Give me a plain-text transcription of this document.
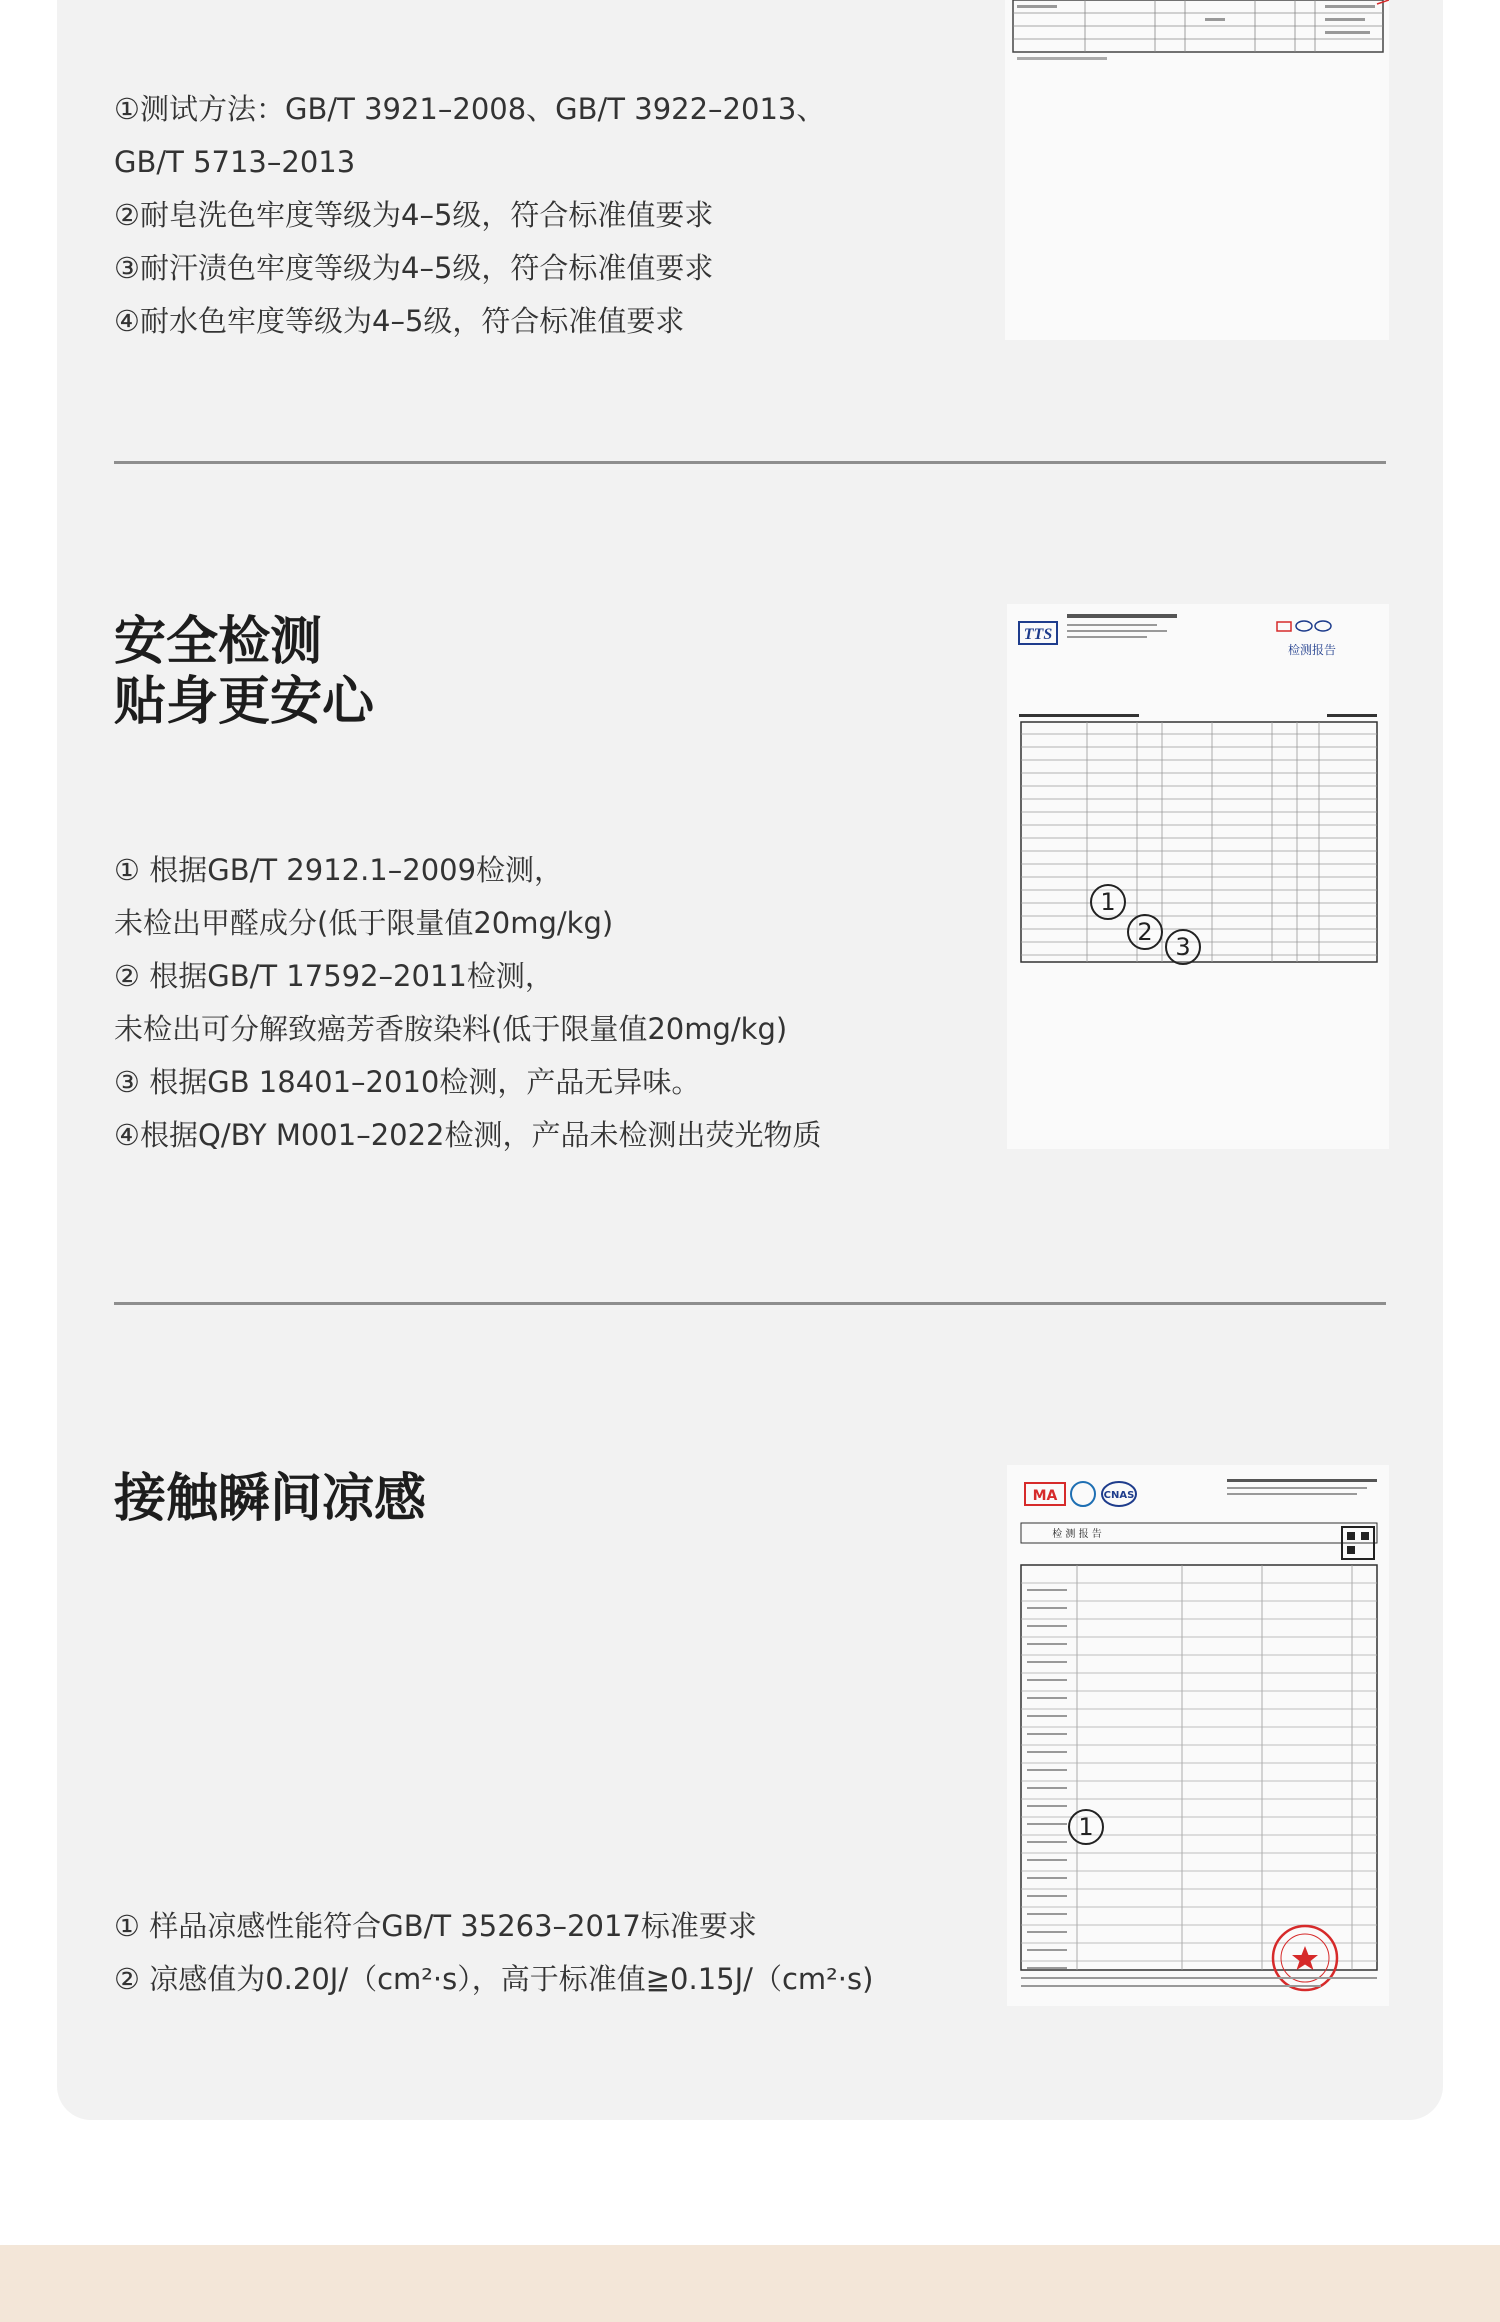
①测试方法：GB/T 3921–2008、GB/T 3922–2013、
GB/T 5713–2013
②耐皂洗色牢度等级为4–5级，符合标准值要求
③耐汗渍色牢度等级为4–5级，符合标准值要求
④耐水色牢度等级为4–5级，符合标准值要求
安全检测
贴身更安心
① 根据GB/T 2912.1–2009检测，
未检出甲醛成分(低于限量值20mg/kg)
② 根据GB/T 17592–2011检测，
未检出可分解致癌芳香胺染料(低于限量值20mg/kg)
③ 根据GB 18401–2010检测，产品无异味。
④根据Q/BY M001–2022检测，产品未检测出荧光物质
TTS
检测报告
1
2
3
接触瞬间凉感
① 样品凉感性能符合GB/T 35263–2017标准要求
② 凉感值为0.20J/（cm²·s），高于标准值≧0.15J/（cm²·s)
MA	CNAS
检 测 报 告
1
